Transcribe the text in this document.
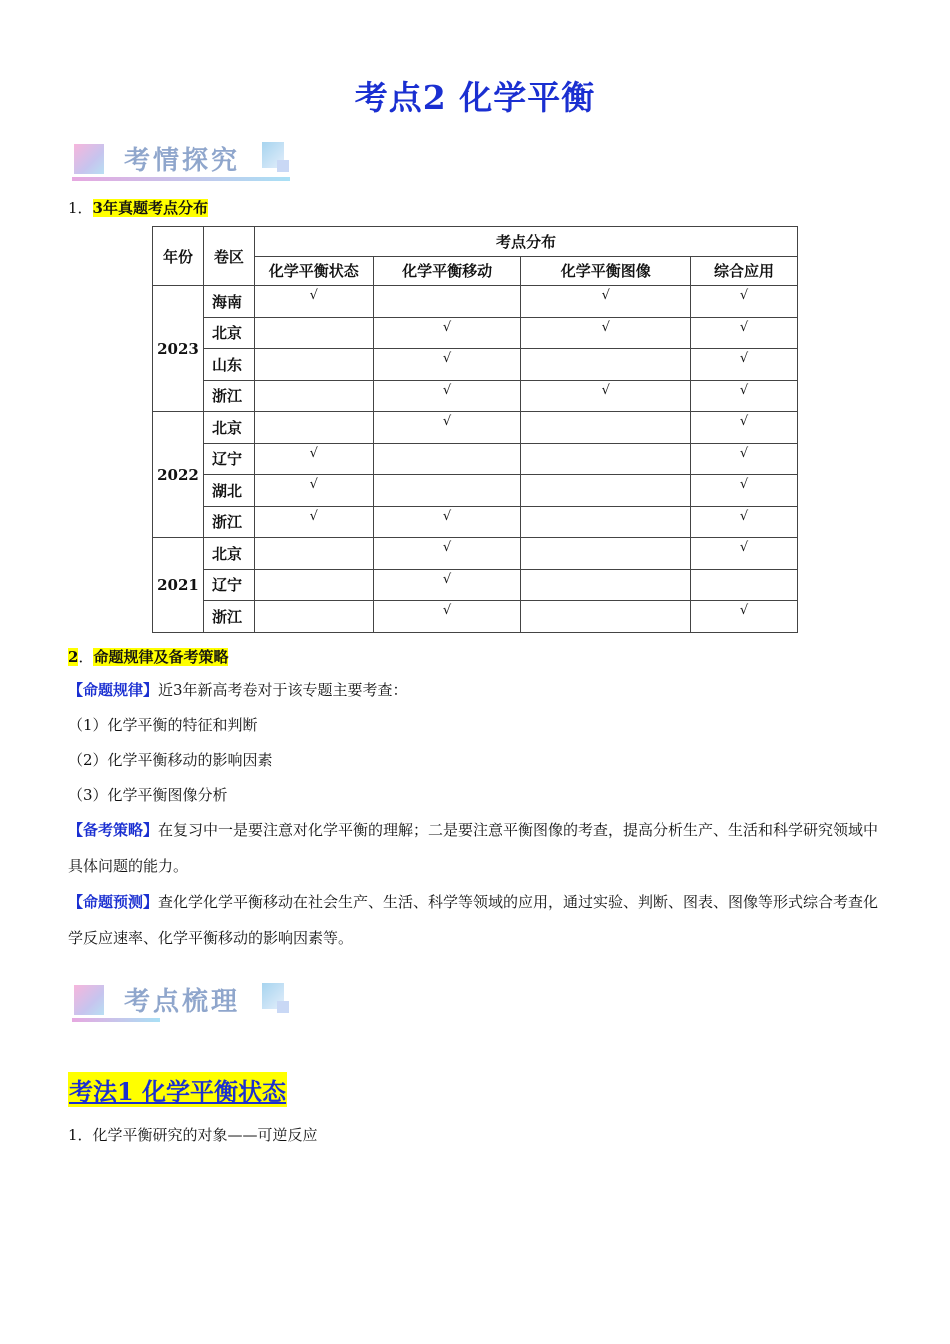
考点2 化学平衡
考情探究
1．3年真题考点分布
年份	卷区	考点分布			
		化学平衡状态	化学平衡移动	化学平衡图像	综合应用
2023	海南	√		√	√
	北京		√	√	√
	山东		√		√
	浙江		√	√	√
2022	北京		√		√
	辽宁	√			√
	湖北	√			√
	浙江	√	√		√
2021	北京		√		√
	辽宁		√		
	浙江		√		√
2．命题规律及备考策略
【命题规律】近3年新高考卷对于该专题主要考查：
（1）化学平衡的特征和判断
（2）化学平衡移动的影响因素
（3）化学平衡图像分析
【备考策略】在复习中一是要注意对化学平衡的理解；二是要注意平衡图像的考查，提高分析生产、生活和科学研究领域中具体问题的能力。
【命题预测】查化学化学平衡移动在社会生产、生活、科学等领域的应用，通过实验、判断、图表、图像等形式综合考查化学反应速率、化学平衡移动的影响因素等。
考点梳理
考法1 化学平衡状态
1．化学平衡研究的对象——可逆反应
